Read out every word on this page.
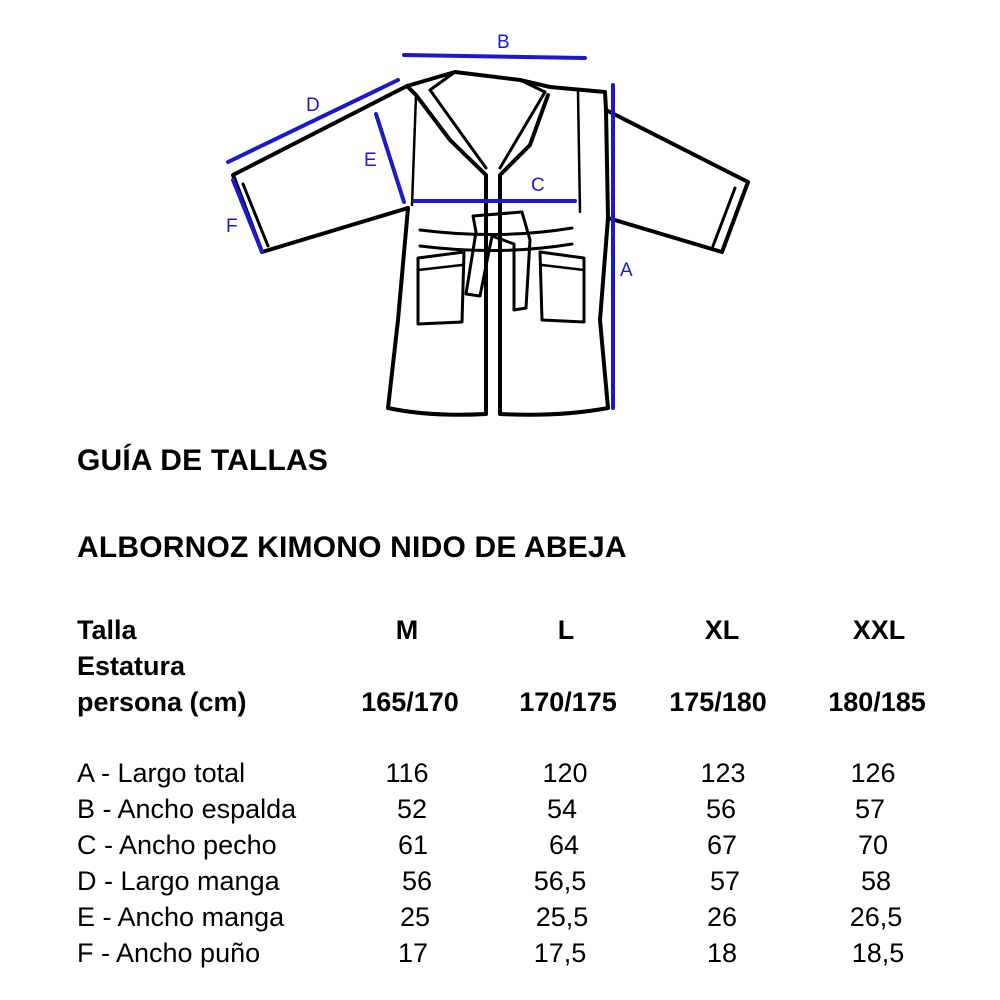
B
D
E
F
C
A
GUÍA DE TALLAS
ALBORNOZ KIMONO NIDO DE ABEJA
Talla	M	L	XL	XXL
Estatura
persona (cm)	165/170 170/175 175/180 180/185
A - Largo total	116	120	123	126
B - Ancho espalda	52	54	56	57
C - Ancho pecho	61	64	67	70
D - Largo manga	56	56,5	57	58
E - Ancho manga	25	25,5	26	26,5
F - Ancho puño	17	17,5	18	18,5
